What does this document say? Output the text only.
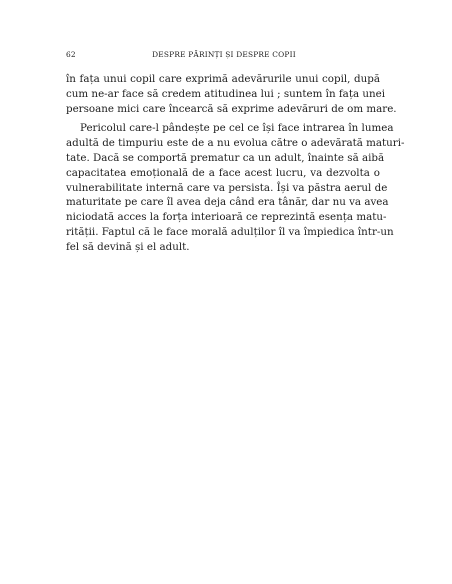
62	DESPRE PĂRINȚI ȘI DESPRE COPII
în fața unui copil care exprimă adevărurile unui copil, după
cum ne-ar face să credem atitudinea lui ; suntem în fața unei
persoane mici care încearcă să exprime adevăruri de om mare.
Pericolul care-l pândește pe cel ce își face intrarea în lumea
adultă de timpuriu este de a nu evolua către o adevărată maturi-
tate. Dacă se comportă prematur ca un adult, înainte să aibă
capacitatea emoțională de a face acest lucru, va dezvolta o
vulnerabilitate internă care va persista. Își va păstra aerul de
maturitate pe care îl avea deja când era tânăr, dar nu va avea
niciodată acces la forța interioară ce reprezintă esența matu-
rității. Faptul că le face morală adulților îl va împiedica într-un
fel să devină și el adult.
